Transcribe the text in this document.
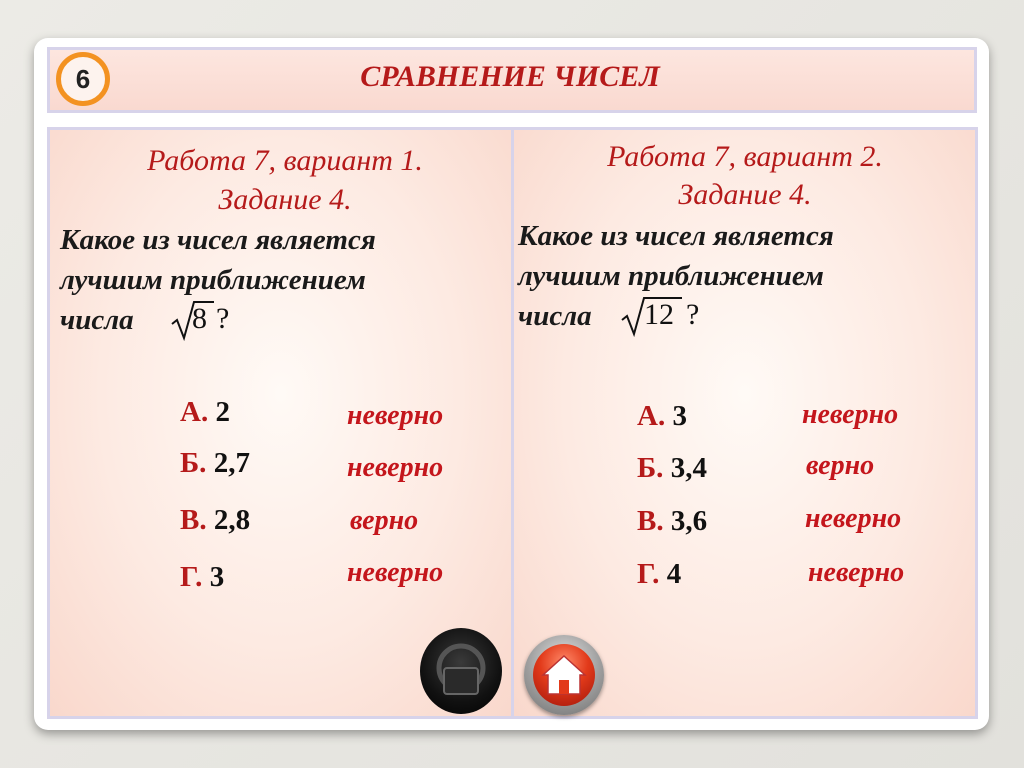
6	СРАВНЕНИЕ ЧИСЕЛ
Работа 7, вариант 1.
Задание 4.
Какое из чисел является
лучшим приближением
числа 8 ?
А. 2
Б. 2,7
В. 2,8
Г. 3
неверно
неверно
верно
неверно
Работа 7, вариант 2.
Задание 4.
Какое из чисел является
лучшим приближением
числа 12 ?
А. 3
Б. 3,4
В. 3,6
Г. 4
неверно
верно
неверно
неверно
